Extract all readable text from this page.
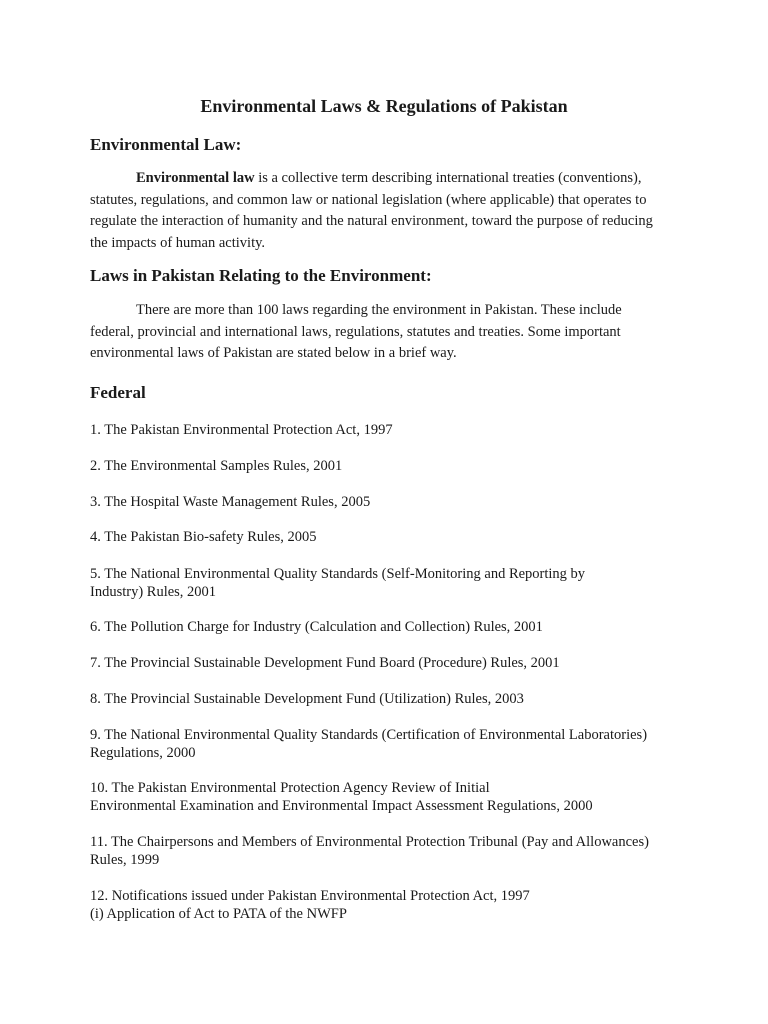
Environmental Laws & Regulations of Pakistan
Environmental Law:

Environmental law is a collective term describing international treaties (conventions),
statutes, regulations, and common law or national legislation (where applicable) that operates to
regulate the interaction of humanity and the natural environment, toward the purpose of reducing
the impacts of human activity.

Laws in Pakistan Relating to the Environment:

There are more than 100 laws regarding the environment in Pakistan. These include
federal, provincial and international laws, regulations, statutes and treaties. Some important
environmental laws of Pakistan are stated below in a brief way.

Federal
1. The Pakistan Environmental Protection Act, 1997
2. The Environmental Samples Rules, 2001
3. The Hospital Waste Management Rules, 2005
4. The Pakistan Bio-safety Rules, 2005
5. The National Environmental Quality Standards (Self-Monitoring and Reporting by
Industry) Rules, 2001
6. The Pollution Charge for Industry (Calculation and Collection) Rules, 2001
7. The Provincial Sustainable Development Fund Board (Procedure) Rules, 2001
8. The Provincial Sustainable Development Fund (Utilization) Rules, 2003
9. The National Environmental Quality Standards (Certification of Environmental Laboratories)
Regulations, 2000
10. The Pakistan Environmental Protection Agency Review of Initial
Environmental Examination and Environmental Impact Assessment Regulations, 2000
11. The Chairpersons and Members of Environmental Protection Tribunal (Pay and Allowances)
Rules, 1999
12. Notifications issued under Pakistan Environmental Protection Act, 1997
(i) Application of Act to PATA of the NWFP
